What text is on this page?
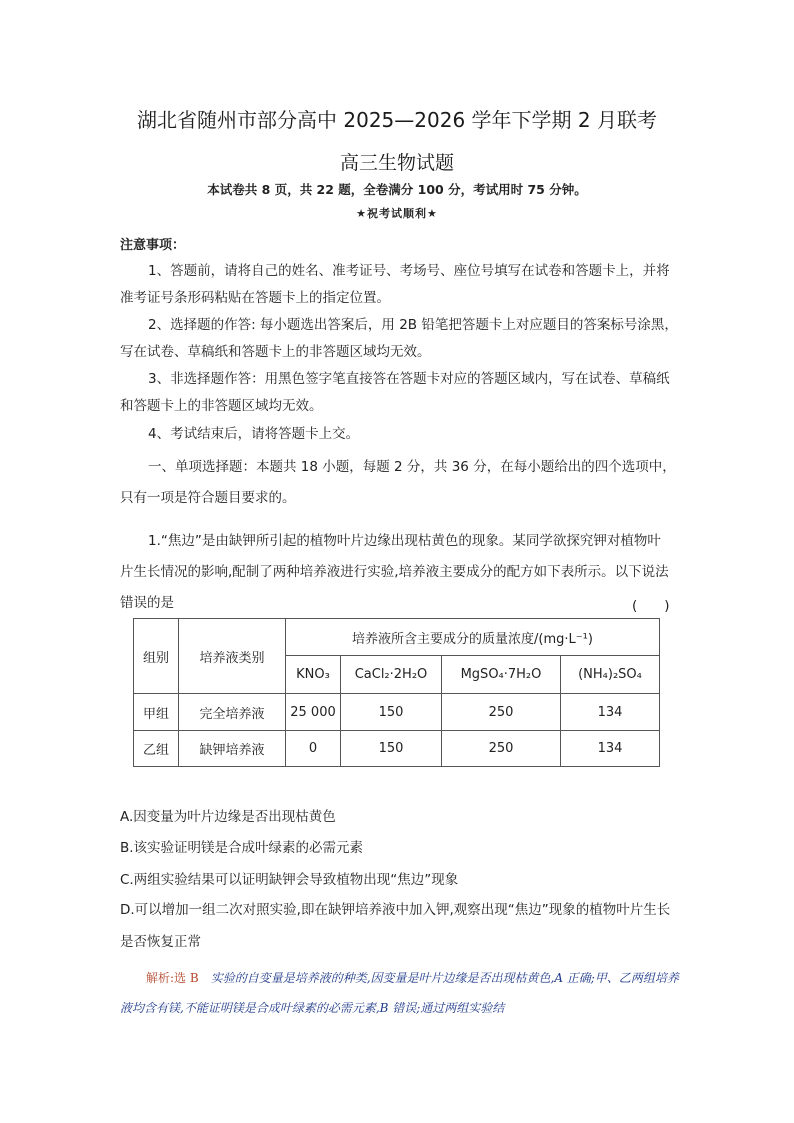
湖北省随州市部分高中 2025—2026 学年下学期 2 月联考
高三生物试题
本试卷共 8 页，共 22 题，全卷满分 100 分，考试用时 75 分钟。
★祝考试顺利★
注意事项：
1、答题前，请将自己的姓名、准考证号、考场号、座位号填写在试卷和答题卡上，并将准考证号条形码粘贴在答题卡上的指定位置。
2、选择题的作答: 每小题选出答案后，用 2B 铅笔把答题卡上对应题目的答案标号涂黑，写在试卷、草稿纸和答题卡上的非答题区域均无效。
3、非选择题作答：用黑色签字笔直接答在答题卡对应的答题区域内，写在试卷、草稿纸和答题卡上的非答题区域均无效。
4、考试结束后，请将答题卡上交。
一、单项选择题：本题共 18 小题，每题 2 分，共 36 分，在每小题给出的四个选项中，只有一项是符合题目要求的。
1.“焦边”是由缺钾所引起的植物叶片边缘出现枯黄色的现象。某同学欲探究钾对植物叶片生长情况的影响,配制了两种培养液进行实验,培养液主要成分的配方如下表所示。以下说法错误的是	(　　)
组别	培养液类别	培养液所含主要成分的质量浓度/(mg·L⁻¹)			
		KNO₃	CaCl₂·2H₂O	MgSO₄·7H₂O	(NH₄)₂SO₄
甲组	完全培养液	25 000	150	250	134
乙组	缺钾培养液	0	150	250	134
A.因变量为叶片边缘是否出现枯黄色
B.该实验证明镁是合成叶绿素的必需元素
C.两组实验结果可以证明缺钾会导致植物出现“焦边”现象
D.可以增加一组二次对照实验,即在缺钾培养液中加入钾,观察出现“焦边”现象的植物叶片生长是否恢复正常
解析:选 B　实验的自变量是培养液的种类,因变量是叶片边缘是否出现枯黄色,A 正确;甲、乙两组培养液均含有镁,不能证明镁是合成叶绿素的必需元素,B 错误;通过两组实验结
